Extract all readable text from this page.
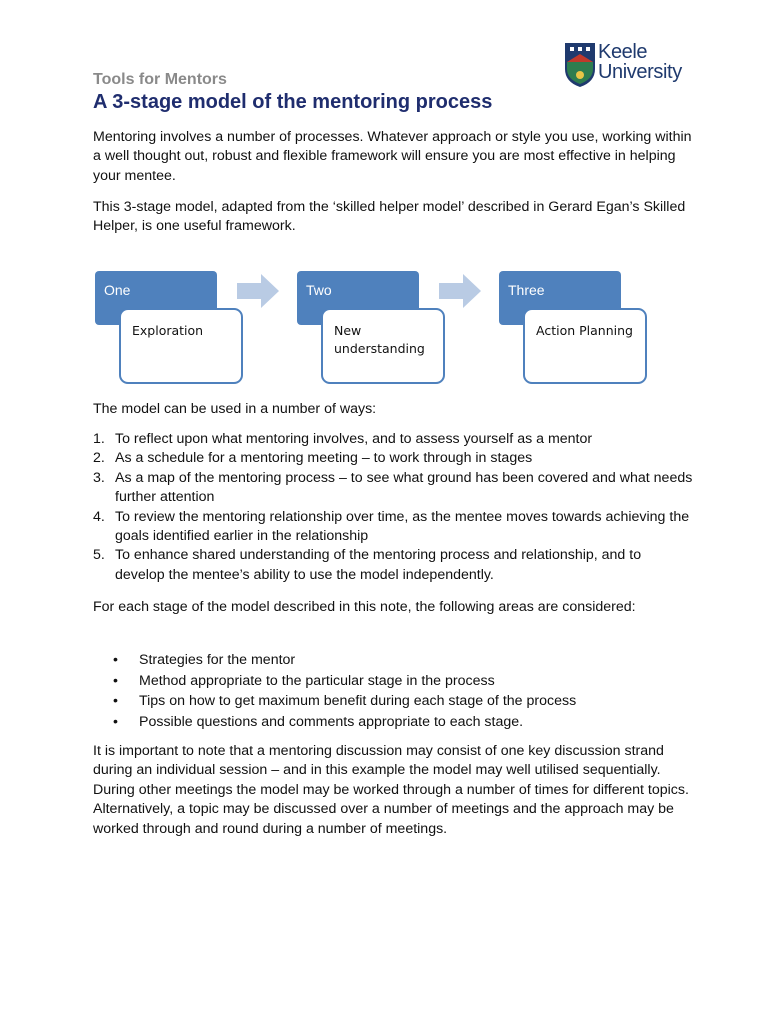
Keele
University
Tools for Mentors
A 3-stage model of the mentoring process

Mentoring involves a number of processes. Whatever approach or style you use, working within a well thought out, robust and flexible framework will ensure you are most effective in helping your mentee.

This 3-stage model, adapted from the ‘skilled helper model’ described in Gerard Egan’s Skilled Helper, is one useful framework.

One
Exploration
Two
New understanding
Three
Action Planning

The model can be used in a number of ways:

1. To reflect upon what mentoring involves, and to assess yourself as a mentor
2. As a schedule for a mentoring meeting – to work through in stages
3. As a map of the mentoring process – to see what ground has been covered and what needs further attention
4. To review the mentoring relationship over time, as the mentee moves towards achieving the goals identified earlier in the relationship
5. To enhance shared understanding of the mentoring process and relationship, and to develop the mentee’s ability to use the model independently.

For each stage of the model described in this note, the following areas are considered:

• Strategies for the mentor
• Method appropriate to the particular stage in the process
• Tips on how to get maximum benefit during each stage of the process
• Possible questions and comments appropriate to each stage.

It is important to note that a mentoring discussion may consist of one key discussion strand during an individual session – and in this example the model may well utilised sequentially. During other meetings the model may be worked through a number of times for different topics. Alternatively, a topic may be discussed over a number of meetings and the approach may be worked through and round during a number of meetings.
